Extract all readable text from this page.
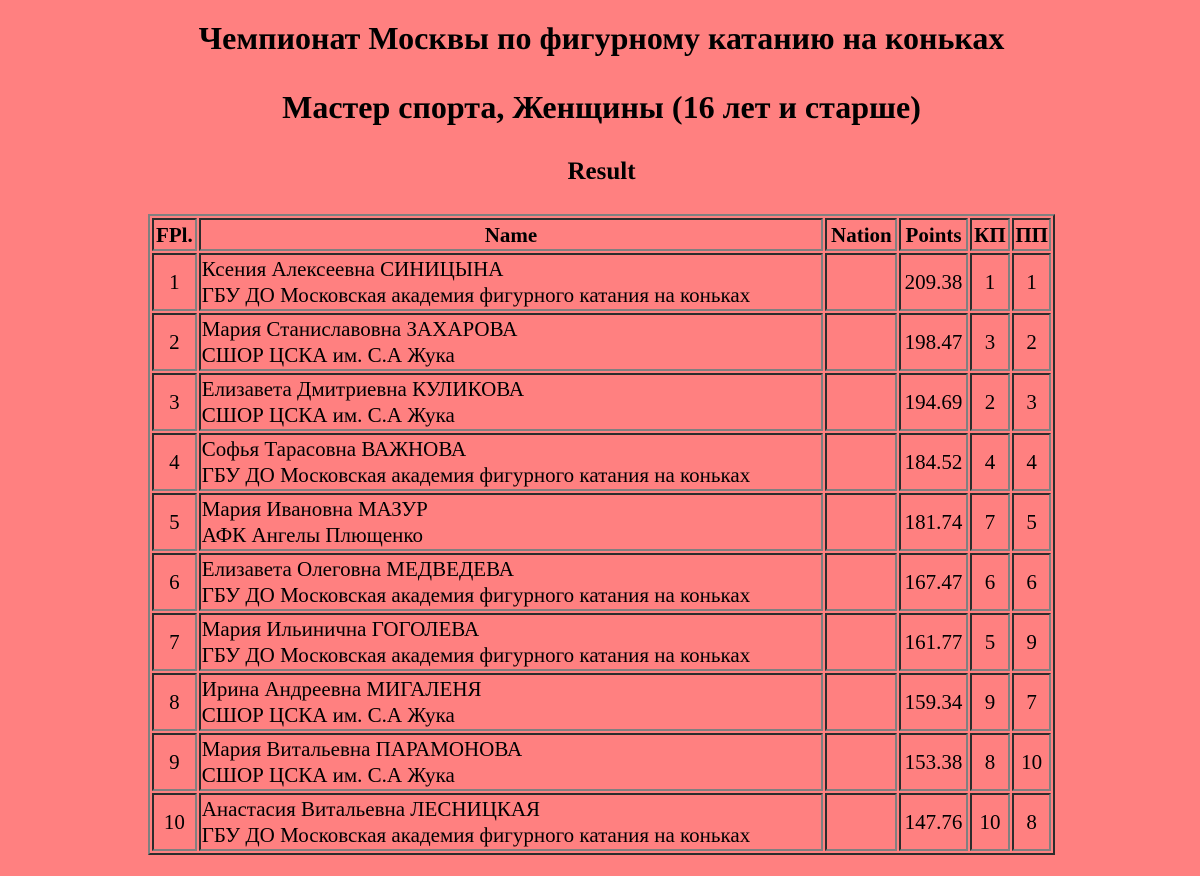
Чемпионат Москвы по фигурному катанию на коньках
Мастер спорта, Женщины (16 лет и старше)
Result
FPl.	Name	Nation	Points	КП	ПП
1	Ксения Алексеевна СИНИЦЫНА
ГБУ ДО Московская академия фигурного катания на коньках		209.38	1	1
2	Мария Станиславовна ЗАХАРОВА
СШОР ЦСКА им. С.А Жука		198.47	3	2
3	Елизавета Дмитриевна КУЛИКОВА
СШОР ЦСКА им. С.А Жука		194.69	2	3
4	Софья Тарасовна ВАЖНОВА
ГБУ ДО Московская академия фигурного катания на коньках		184.52	4	4
5	Мария Ивановна МАЗУР
АФК Ангелы Плющенко		181.74	7	5
6	Елизавета Олеговна МЕДВЕДЕВА
ГБУ ДО Московская академия фигурного катания на коньках		167.47	6	6
7	Мария Ильинична ГОГОЛЕВА
ГБУ ДО Московская академия фигурного катания на коньках		161.77	5	9
8	Ирина Андреевна МИГАЛЕНЯ
СШОР ЦСКА им. С.А Жука		159.34	9	7
9	Мария Витальевна ПАРАМОНОВА
СШОР ЦСКА им. С.А Жука		153.38	8	10
10	Анастасия Витальевна ЛЕСНИЦКАЯ
ГБУ ДО Московская академия фигурного катания на коньках		147.76	10	8
